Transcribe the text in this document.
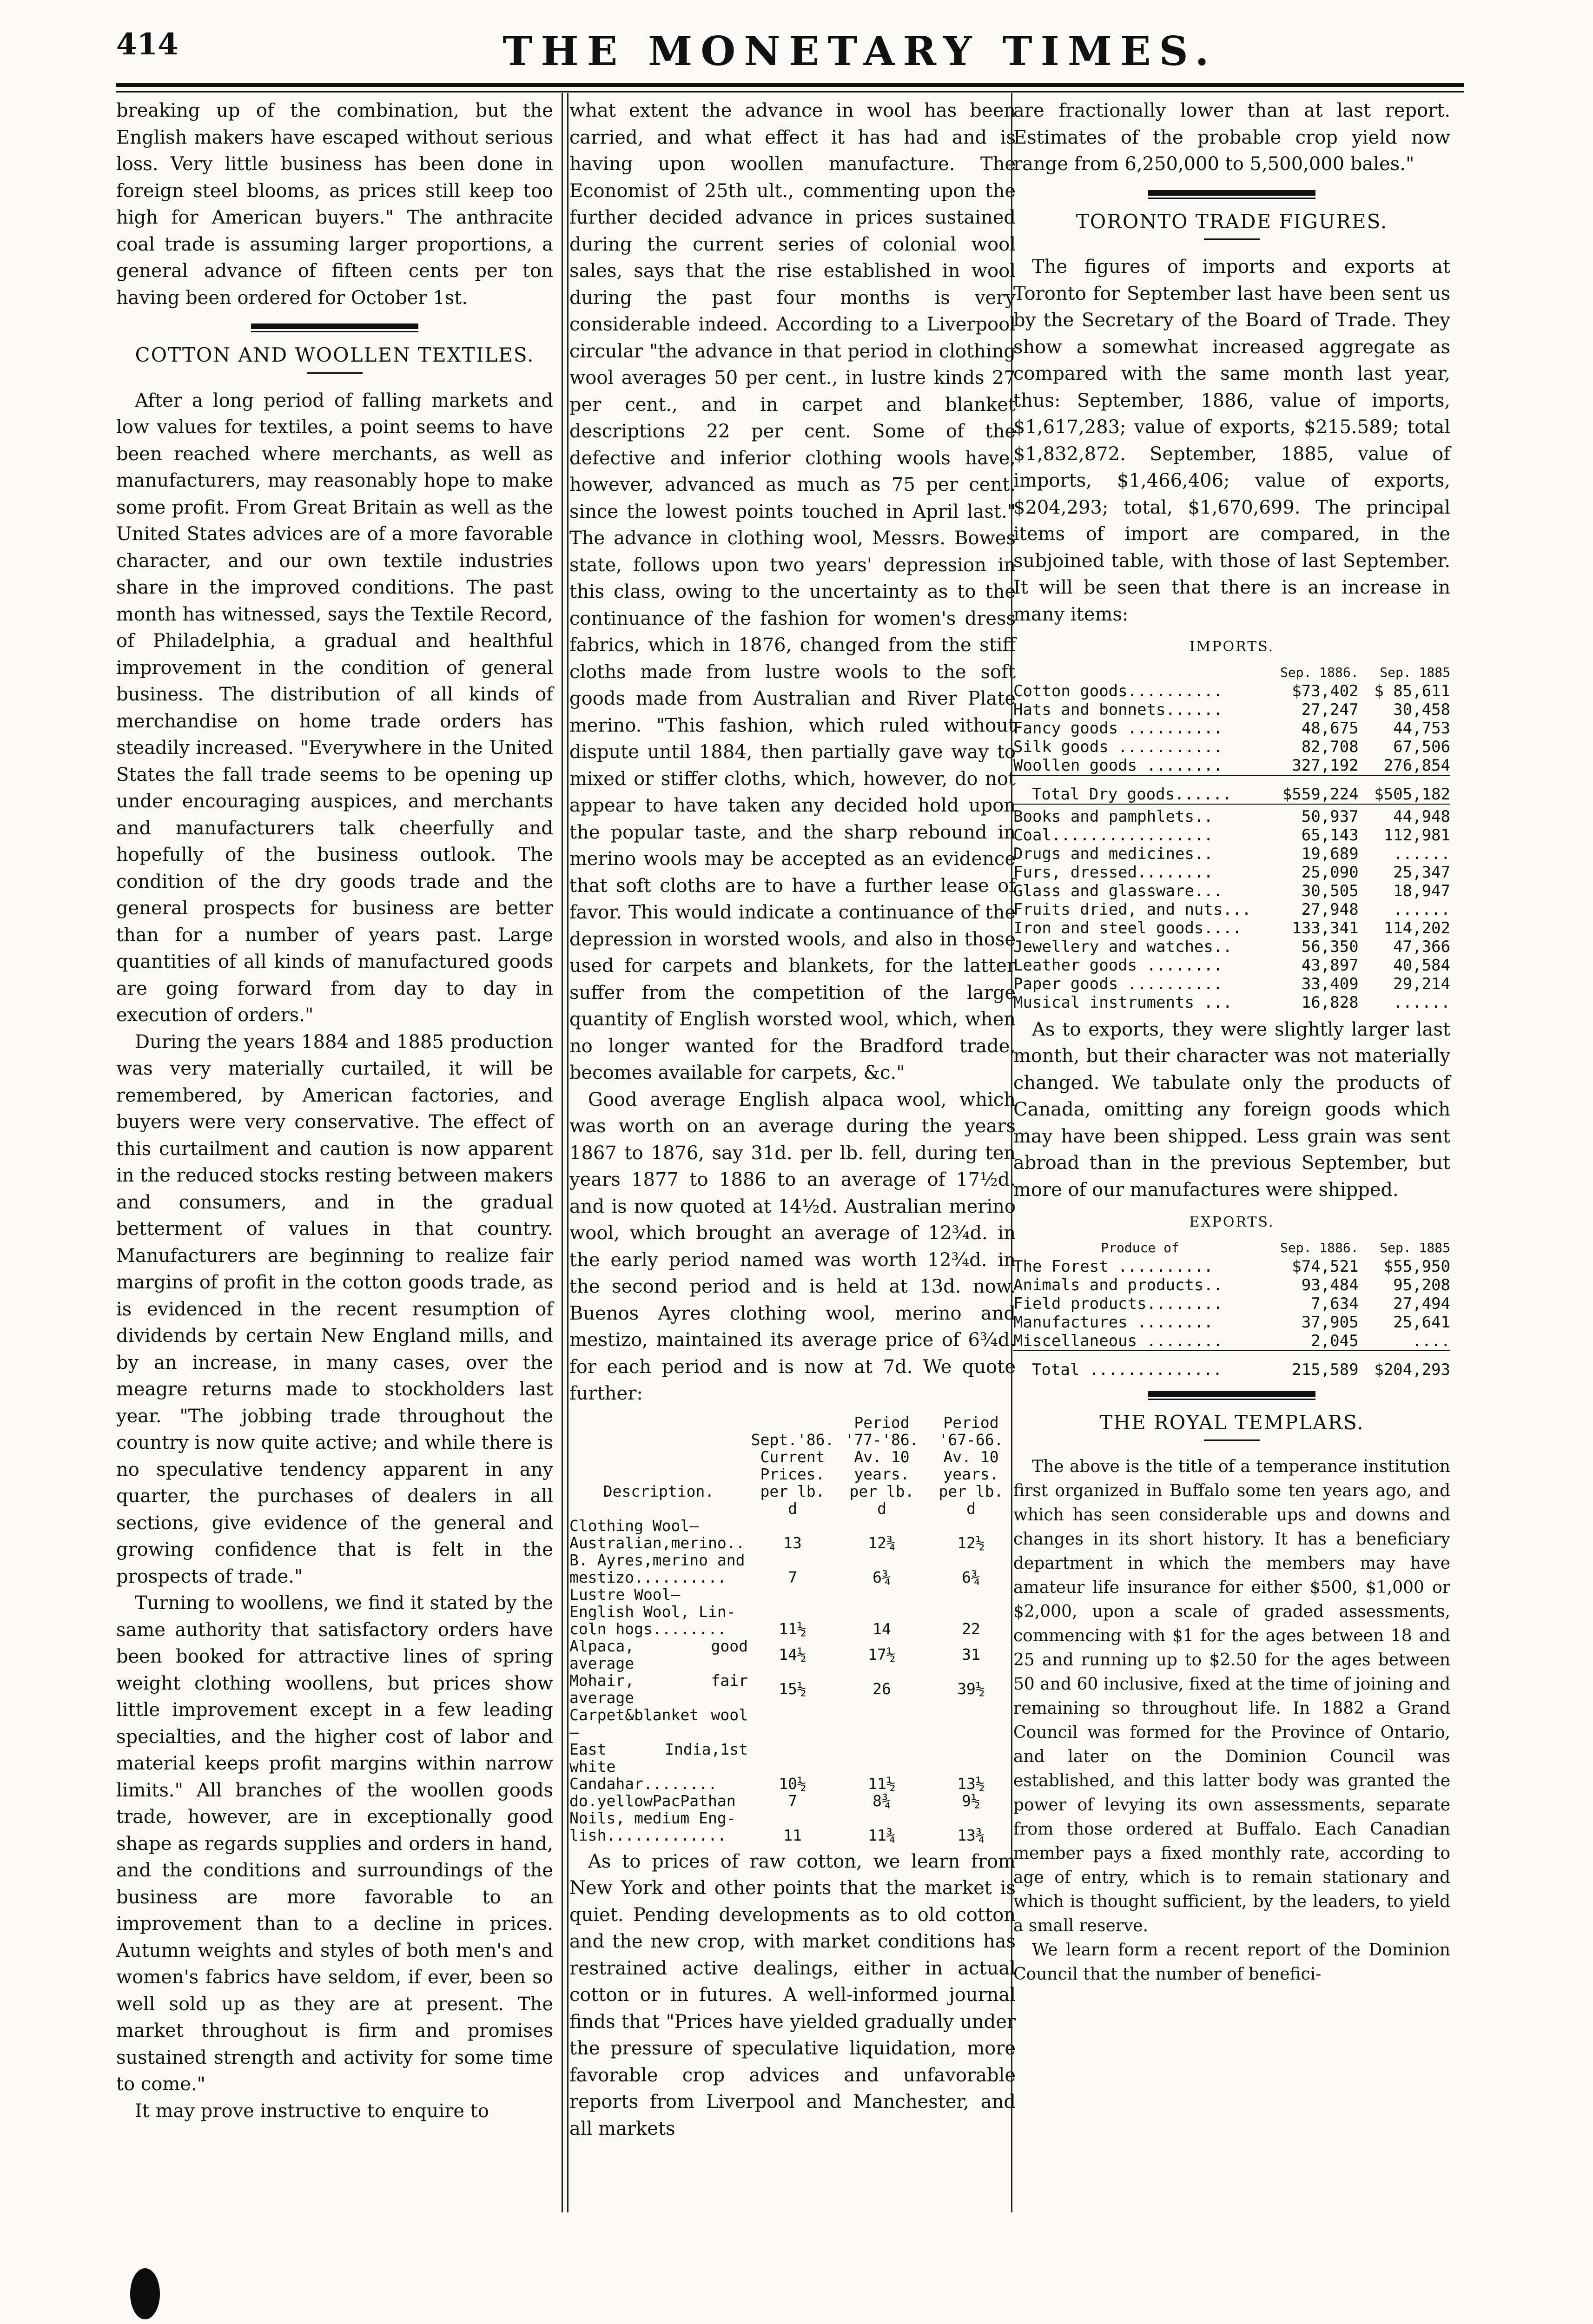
414	THE MONETARY TIMES.

breaking up of the combination, but the English makers have escaped without serious loss. Very little business has been done in foreign steel blooms, as prices still keep too high for American buyers." The anthracite coal trade is assuming larger proportions, a general advance of fifteen cents per ton having been ordered for October 1st.

COTTON AND WOOLLEN TEXTILES.

After a long period of falling markets and low values for textiles, a point seems to have been reached where merchants, as well as manufacturers, may reasonably hope to make some profit. From Great Britain as well as the United States advices are of a more favorable character, and our own textile industries share in the improved conditions. The past month has witnessed, says the Textile Record, of Philadelphia, a gradual and healthful improvement in the condition of general business. The distribution of all kinds of merchandise on home trade orders has steadily increased. "Everywhere in the United States the fall trade seems to be opening up under encouraging auspices, and merchants and manufacturers talk cheerfully and hopefully of the business outlook. The condition of the dry goods trade and the general prospects for business are better than for a number of years past. Large quantities of all kinds of manufactured goods are going forward from day to day in execution of orders."

During the years 1884 and 1885 production was very materially curtailed, it will be remembered, by American factories, and buyers were very conservative. The effect of this curtailment and caution is now apparent in the reduced stocks resting between makers and consumers, and in the gradual betterment of values in that country. Manufacturers are beginning to realize fair margins of profit in the cotton goods trade, as is evidenced in the recent resumption of dividends by certain New England mills, and by an increase, in many cases, over the meagre returns made to stockholders last year. "The jobbing trade throughout the country is now quite active; and while there is no speculative tendency apparent in any quarter, the purchases of dealers in all sections, give evidence of the general and growing confidence that is felt in the prospects of trade."

Turning to woollens, we find it stated by the same authority that satisfactory orders have been booked for attractive lines of spring weight clothing woollens, but prices show little improvement except in a few leading specialties, and the higher cost of labor and material keeps profit margins within narrow limits." All branches of the woollen goods trade, however, are in exceptionally good shape as regards supplies and orders in hand, and the conditions and surroundings of the business are more favorable to an improvement than to a decline in prices. Autumn weights and styles of both men's and women's fabrics have seldom, if ever, been so well sold up as they are at present. The market throughout is firm and promises sustained strength and activity for some time to come."

It may prove instructive to enquire to

what extent the advance in wool has been carried, and what effect it has had and is having upon woollen manufacture. The Economist of 25th ult., commenting upon the further decided advance in prices sustained during the current series of colonial wool sales, says that the rise established in wool during the past four months is very considerable indeed. According to a Liverpool circular "the advance in that period in clothing wool averages 50 per cent., in lustre kinds 27 per cent., and in carpet and blanket descriptions 22 per cent. Some of the defective and inferior clothing wools have, however, advanced as much as 75 per cent. since the lowest points touched in April last." The advance in clothing wool, Messrs. Bowes state, follows upon two years' depression in this class, owing to the uncertainty as to the continuance of the fashion for women's dress fabrics, which in 1876, changed from the stiff cloths made from lustre wools to the soft goods made from Australian and River Plate merino. "This fashion, which ruled without dispute until 1884, then partially gave way to mixed or stiffer cloths, which, however, do not appear to have taken any decided hold upon the popular taste, and the sharp rebound in merino wools may be accepted as an evidence that soft cloths are to have a further lease of favor. This would indicate a continuance of the depression in worsted wools, and also in those used for carpets and blankets, for the latter suffer from the competition of the large quantity of English worsted wool, which, when no longer wanted for the Bradford trade, becomes available for carpets, &c."

Good average English alpaca wool, which was worth on an average during the years 1867 to 1876, say 31d. per lb. fell, during ten years 1877 to 1886 to an average of 17½d. and is now quoted at 14½d. Australian merino wool, which brought an average of 12¾d. in the early period named was worth 12¾d. in the second period and is held at 13d. now. Buenos Ayres clothing wool, merino and mestizo, maintained its average price of 6¾d. for each period and is now at 7d. We quote further:

Description.	Sept.'86. Current Prices. per lb.	Period '77-'86. Av. 10 years. per lb.	Period '67-66. Av. 10 years. per lb.
	d	d	d
Clothing Wool—			
Australian,merino..	13	12¾	12½
B. Ayres,merino and			
mestizo..........	7	6¾	6¾
Lustre Wool—			
English Wool, Lin-			
coln hogs........	11½	14	22
Alpaca, good average	14½	17½	31
Mohair, fair average	15½	26	39½
Carpet&blanket wool—			
East India,1st white			
Candahar........	10½	11½	13½
do.yellowPacPathan	7	8¾	9½
Noils, medium Eng-			
lish.............	11	11¾	13¾

As to prices of raw cotton, we learn from New York and other points that the market is quiet. Pending developments as to old cotton and the new crop, with market conditions has restrained active dealings, either in actual cotton or in futures. A well-informed journal finds that "Prices have yielded gradually under the pressure of speculative liquidation, more favorable crop advices and unfavorable reports from Liverpool and Manchester, and all markets

are fractionally lower than at last report. Estimates of the probable crop yield now range from 6,250,000 to 5,500,000 bales."

TORONTO TRADE FIGURES.

The figures of imports and exports at Toronto for September last have been sent us by the Secretary of the Board of Trade. They show a somewhat increased aggregate as compared with the same month last year, thus: September, 1886, value of imports, $1,617,283; value of exports, $215.589; total $1,832,872. September, 1885, value of imports, $1,466,406; value of exports, $204,293; total, $1,670,699. The principal items of import are compared, in the subjoined table, with those of last September. It will be seen that there is an increase in many items:

IMPORTS.
	Sep. 1886.	Sep. 1885
Cotton goods..........	$73,402	$ 85,611
Hats and bonnets......	27,247	30,458
Fancy goods ..........	48,675	44,753
Silk goods ...........	82,708	67,506
Woollen goods ........	327,192	276,854

Total Dry goods......	$559,224	$505,182

Books and pamphlets..	50,937	44,948
Coal.................	65,143	112,981
Drugs and medicines..	19,689	......
Furs, dressed........	25,090	25,347
Glass and glassware...	30,505	18,947
Fruits dried, and nuts...	27,948	......
Iron and steel goods....	133,341	114,202
Jewellery and watches..	56,350	47,366
Leather goods ........	43,897	40,584
Paper goods ..........	33,409	29,214
Musical instruments ...	16,828	......

As to exports, they were slightly larger last month, but their character was not materially changed. We tabulate only the products of Canada, omitting any foreign goods which may have been shipped. Less grain was sent abroad than in the previous September, but more of our manufactures were shipped.

EXPORTS.
Produce of	Sep. 1886.	Sep. 1885
The Forest ..........	$74,521	$55,950
Animals and products..	93,484	95,208
Field products........	7,634	27,494
Manufactures ........	37,905	25,641
Miscellaneous ........	2,045	....

Total ..............	215,589	$204,293
THE ROYAL TEMPLARS.

The above is the title of a temperance institution first organized in Buffalo some ten years ago, and which has seen considerable ups and downs and changes in its short history. It has a beneficiary department in which the members may have amateur life insurance for either $500, $1,000 or $2,000, upon a scale of graded assessments, commencing with $1 for the ages between 18 and 25 and running up to $2.50 for the ages between 50 and 60 inclusive, fixed at the time of joining and remaining so throughout life. In 1882 a Grand Council was formed for the Province of Ontario, and later on the Dominion Council was established, and this latter body was granted the power of levying its own assessments, separate from those ordered at Buffalo. Each Canadian member pays a fixed monthly rate, according to age of entry, which is to remain stationary and which is thought sufficient, by the leaders, to yield a small reserve.

We learn form a recent report of the Dominion Council that the number of benefici-
